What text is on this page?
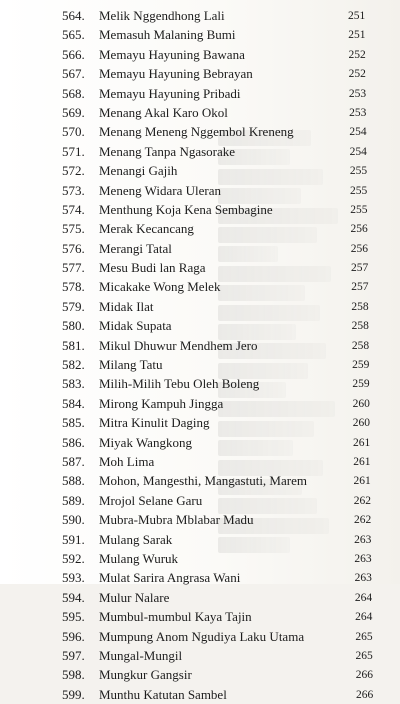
564.	Melik Nggendhong Lali	251
565.	Memasuh Malaning Bumi	251
566.	Memayu Hayuning Bawana	252
567.	Memayu Hayuning Bebrayan	252
568.	Memayu Hayuning Pribadi	253
569.	Menang Akal Karo Okol	253
570.	Menang Meneng Nggembol Kreneng	254
571.	Menang Tanpa Ngasorake	254
572.	Menangi Gajih	255
573.	Meneng Widara Uleran	255
574.	Menthung Koja Kena Sembagine	255
575.	Merak Kecancang	256
576.	Merangi Tatal	256
577.	Mesu Budi lan Raga	257
578.	Micakake Wong Melek	257
579.	Midak Ilat	258
580.	Midak Supata	258
581.	Mikul Dhuwur Mendhem Jero	258
582.	Milang Tatu	259
583.	Milih-Milih Tebu Oleh Boleng	259
584.	Mirong Kampuh Jingga	260
585.	Mitra Kinulit Daging	260
586.	Miyak Wangkong	261
587.	Moh Lima	261
588.	Mohon, Mangesthi, Mangastuti, Marem	261
589.	Mrojol Selane Garu	262
590.	Mubra-Mubra Mblabar Madu	262
591.	Mulang Sarak	263
592.	Mulang Wuruk	263
593.	Mulat Sarira Angrasa Wani	263
594.	Mulur Nalare	264
595.	Mumbul-mumbul Kaya Tajin	264
596.	Mumpung Anom Ngudiya Laku Utama	265
597.	Mungal-Mungil	265
598.	Mungkur Gangsir	266
599.	Munthu Katutan Sambel	266
